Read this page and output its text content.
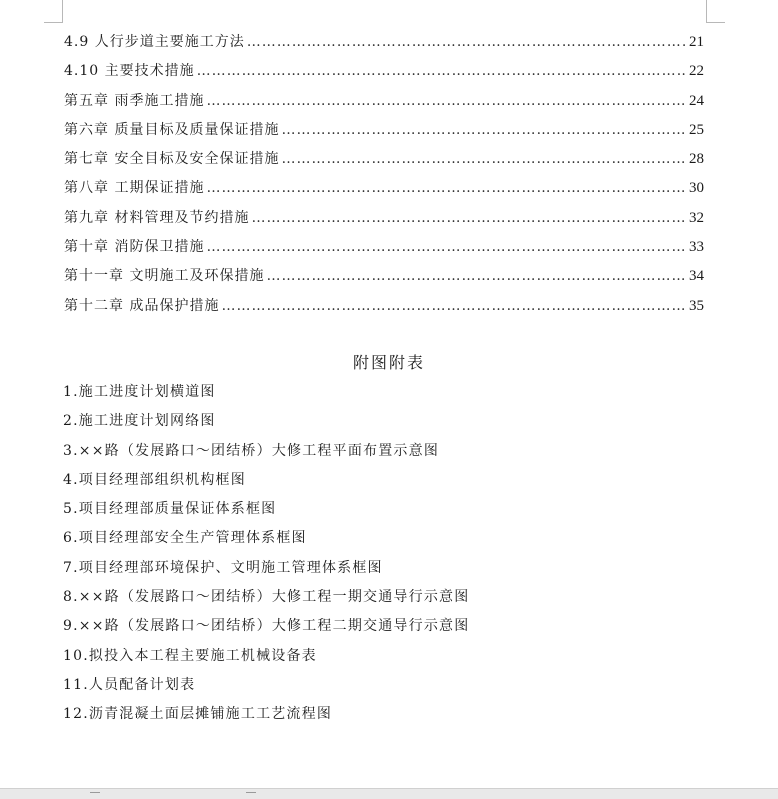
4.9 人行步道主要施工方法 ……………………………………………………………………………………………………………………………………………………………………	21
4.10 主要技术措施 ……………………………………………………………………………………………………………………………………………………………………	22
第五章 雨季施工措施 ……………………………………………………………………………………………………………………………………………………………………	24
第六章 质量目标及质量保证措施 ……………………………………………………………………………………………………………………………………………………………………	25
第七章 安全目标及安全保证措施 ……………………………………………………………………………………………………………………………………………………………………	28
第八章 工期保证措施 ……………………………………………………………………………………………………………………………………………………………………	30
第九章 材料管理及节约措施 ……………………………………………………………………………………………………………………………………………………………………	32
第十章 消防保卫措施 ……………………………………………………………………………………………………………………………………………………………………	33
第十一章 文明施工及环保措施 ……………………………………………………………………………………………………………………………………………………………………	34
第十二章 成品保护措施 ……………………………………………………………………………………………………………………………………………………………………	35
附图附表
1.施工进度计划横道图
2.施工进度计划网络图
3.××路（发展路口～团结桥）大修工程平面布置示意图
4.项目经理部组织机构框图
5.项目经理部质量保证体系框图
6.项目经理部安全生产管理体系框图
7.项目经理部环境保护、文明施工管理体系框图
8.××路（发展路口～团结桥）大修工程一期交通导行示意图
9.××路（发展路口～团结桥）大修工程二期交通导行示意图
10.拟投入本工程主要施工机械设备表
11.人员配备计划表
12.沥青混凝土面层摊铺施工工艺流程图
